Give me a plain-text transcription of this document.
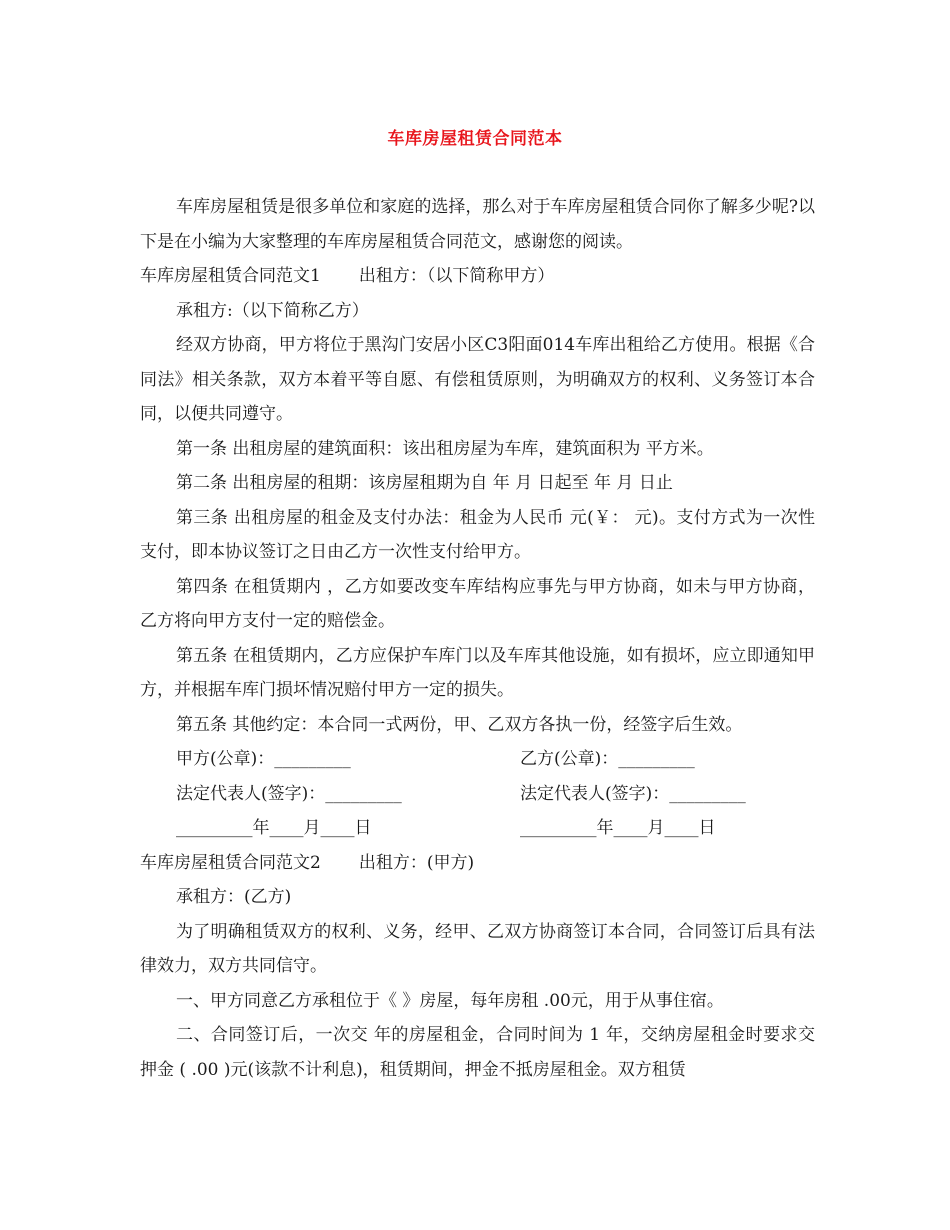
车库房屋租赁合同范本

车库房屋租赁是很多单位和家庭的选择，那么对于车库房屋租赁合同你了解多少呢?以下是在小编为大家整理的车库房屋租赁合同范文，感谢您的阅读。

车库房屋租赁合同范文1 出租方：（以下简称甲方）

承租方:（以下简称乙方）

经双方协商，甲方将位于黑沟门安居小区C3阳面014车库出租给乙方使用。根据《合同法》相关条款，双方本着平等自愿、有偿租赁原则，为明确双方的权利、义务签订本合同，以便共同遵守。

第一条 出租房屋的建筑面积：该出租房屋为车库，建筑面积为 平方米。

第二条 出租房屋的租期：该房屋租期为自 年 月 日起至 年 月 日止

第三条 出租房屋的租金及支付办法：租金为人民币 元(￥： 元)。支付方式为一次性支付，即本协议签订之日由乙方一次性支付给甲方。

第四条 在租赁期内 ，乙方如要改变车库结构应事先与甲方协商，如未与甲方协商，乙方将向甲方支付一定的赔偿金。

第五条 在租赁期内，乙方应保护车库门以及车库其他设施，如有损坏，应立即通知甲方，并根据车库门损坏情况赔付甲方一定的损失。

第五条 其他约定：本合同一式两份，甲、乙双方各执一份，经签字后生效。

甲方(公章)：_________	乙方(公章)：_________
法定代表人(签字)：_________	法定代表人(签字)：_________
_________年____月____日	_________年____月____日
车库房屋租赁合同范文2 出租方：(甲方)

承租方：(乙方)

为了明确租赁双方的权利、义务，经甲、乙双方协商签订本合同，合同签订后具有法律效力，双方共同信守。

一、甲方同意乙方承租位于《 》房屋，每年房租 .00元，用于从事住宿。

二、合同签订后，一次交 年的房屋租金，合同时间为 1 年，交纳房屋租金时要求交押金 ( .00 )元(该款不计利息)，租赁期间，押金不抵房屋租金。双方租赁
